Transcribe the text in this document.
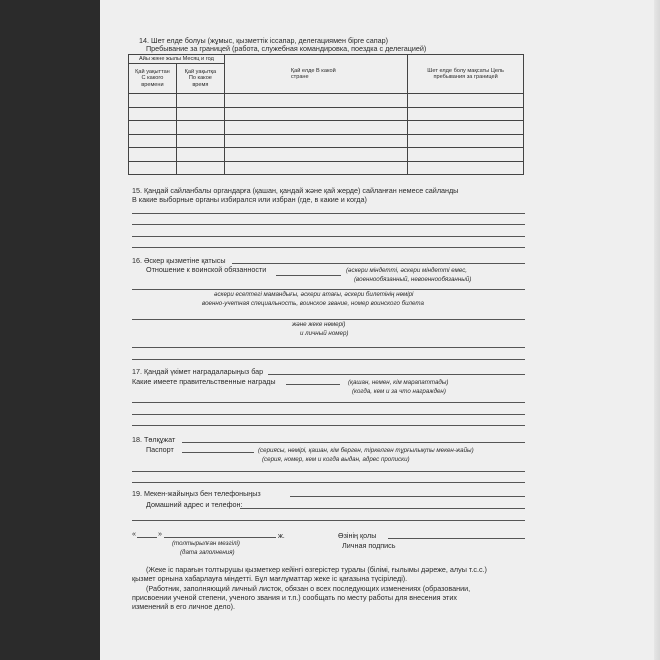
14. Шет елде болуы (жұмыс, қызметтік іссапар, делегациямен бірге сапар)
Пребывание за границей (работа, служебная командировка, поездка с делегацией)
Айы және жылы Месяц и год		Қай елде В какой стране	Шет елде болу мақсаты Цель пребывания за границей
Қай уақыттан С какого времени	Қай уақытқа По какое время		

15. Қандай сайланбалы органдарға (қашан, қандай және қай жерде) сайланған немесе сайланды
В какие выборные органы избирался или избран (где, в какие и когда)
16. Әскер қызметіне қатысы
Отношение к воинской обязанности	(әскери міндетті, әскери міндетті емес,
(военнообязанный, невоеннообязанный)
әскери есептегі мамандығы, әскери атағы, әскери билетінің нөмірі
военно-учетная специальность, воинское звание, номер воинского билета
және жеке нөмері)
и личный номер)
17. Қандай үкімет наградаларыңыз бар
Какие имеете правительственные награды	(қашан, немен, кім марапаттады)
(когда, кем и за что награжден)
18. Төлқұжат
Паспорт	(сериясы, нөмірі, қашан, кім берген, тіркелген тұрғылықты мекен-жайы)
(серия, номер, кем и когда выдан, адрес прописки)
19. Мекен-жайыңыз бен телефоныңыз
Домашний адрес и телефон:
«	»	ж.
(толтырылған мезгілі)
(дата заполнения)
Өзінің қолы
Личная подпись
(Жеке іс парағын толтырушы қызметкер кейінгі өзгерістер туралы (білімі, ғылымы дәреже, алуы т.с.с.)
қызмет орнына хабарлауға міндетті. Бұл мағлұматтар жеке іс қағазына түсіріледі).
(Работник, заполняющий личный листок, обязан о всех последующих изменениях (образовании,
присвоении ученой степени, ученого звания и т.п.) сообщать по месту работы для внесения этих
изменений в его личное дело).
